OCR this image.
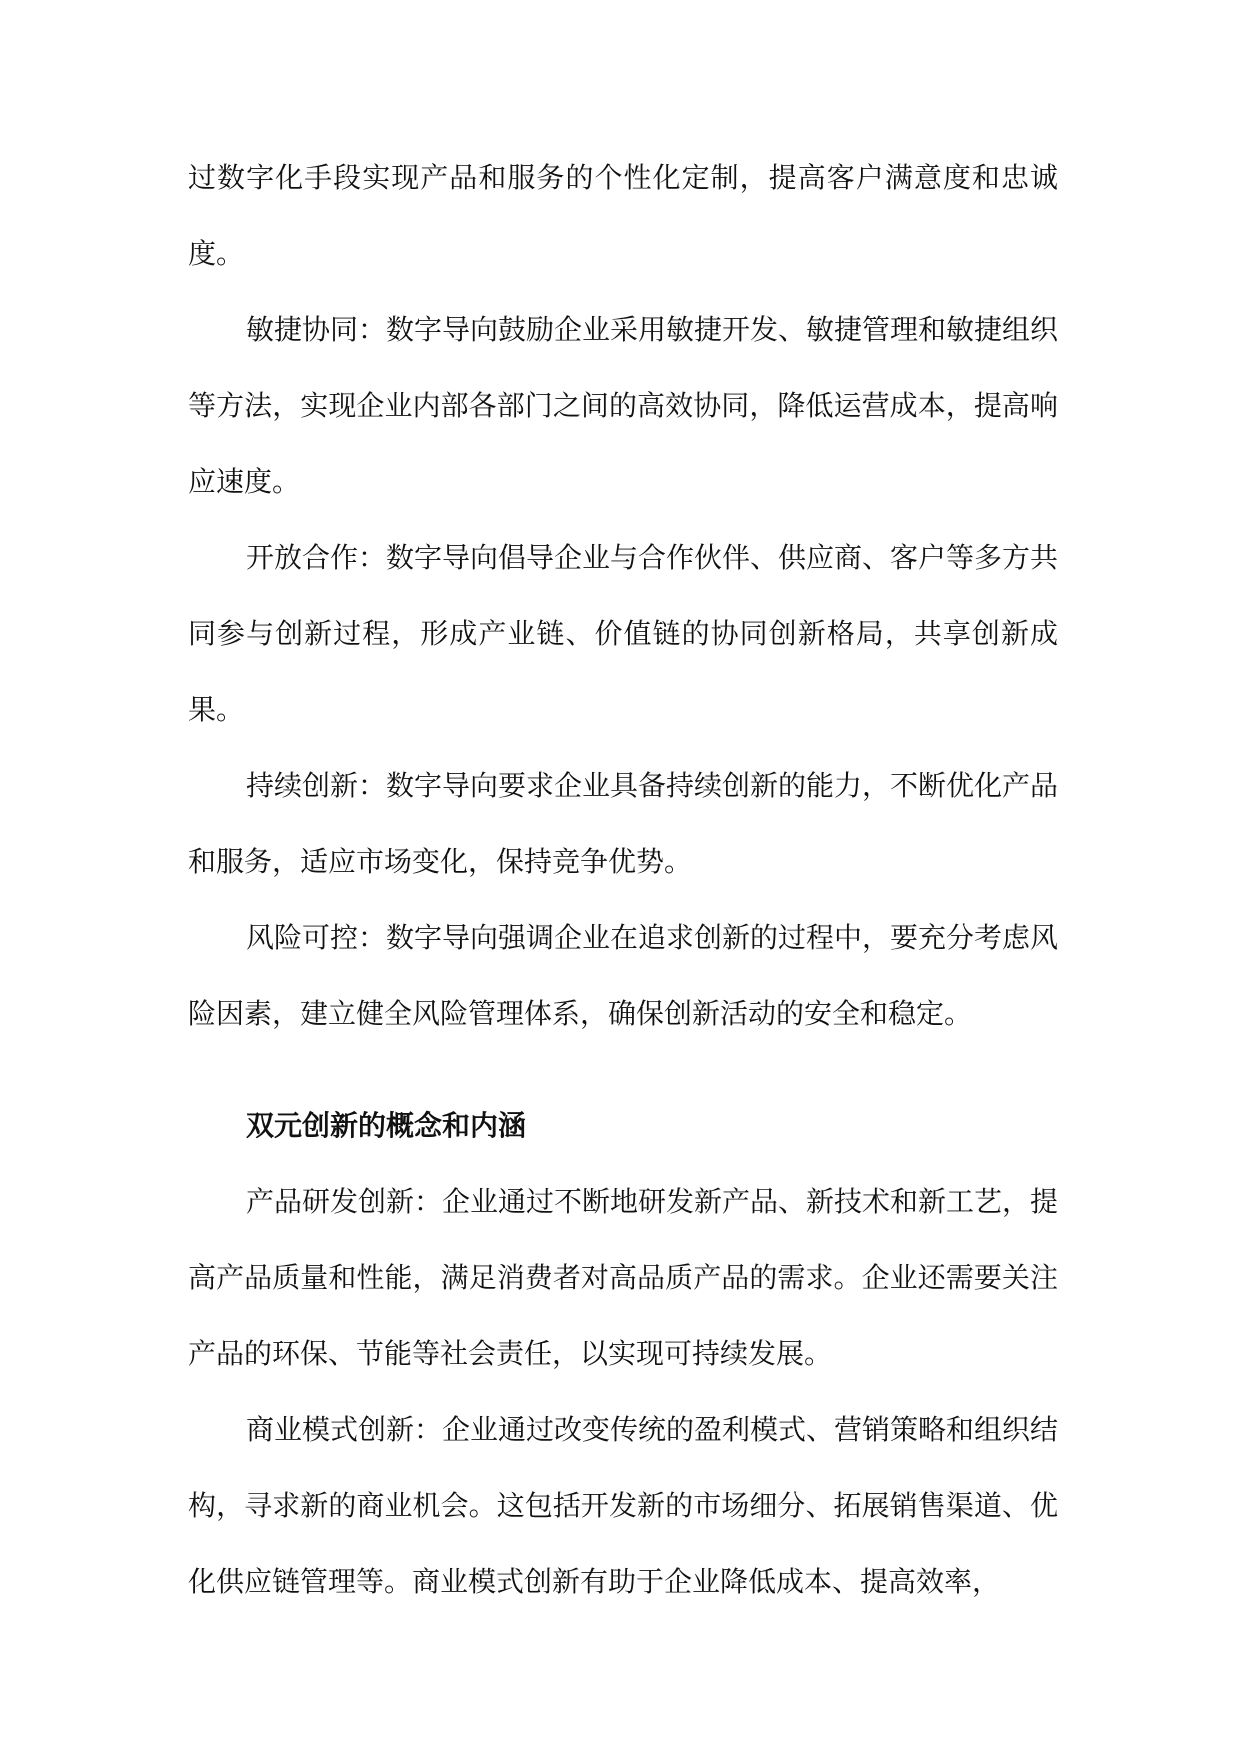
过数字化手段实现产品和服务的个性化定制，提高客户满意度和忠诚度。

敏捷协同：数字导向鼓励企业采用敏捷开发、敏捷管理和敏捷组织等方法，实现企业内部各部门之间的高效协同，降低运营成本，提高响应速度。

开放合作：数字导向倡导企业与合作伙伴、供应商、客户等多方共同参与创新过程，形成产业链、价值链的协同创新格局，共享创新成果。

持续创新：数字导向要求企业具备持续创新的能力，不断优化产品和服务，适应市场变化，保持竞争优势。

风险可控：数字导向强调企业在追求创新的过程中，要充分考虑风险因素，建立健全风险管理体系，确保创新活动的安全和稳定。

双元创新的概念和内涵

产品研发创新：企业通过不断地研发新产品、新技术和新工艺，提高产品质量和性能，满足消费者对高品质产品的需求。企业还需要关注产品的环保、节能等社会责任，以实现可持续发展。

商业模式创新：企业通过改变传统的盈利模式、营销策略和组织结构，寻求新的商业机会。这包括开发新的市场细分、拓展销售渠道、优化供应链管理等。商业模式创新有助于企业降低成本、提高效率，
